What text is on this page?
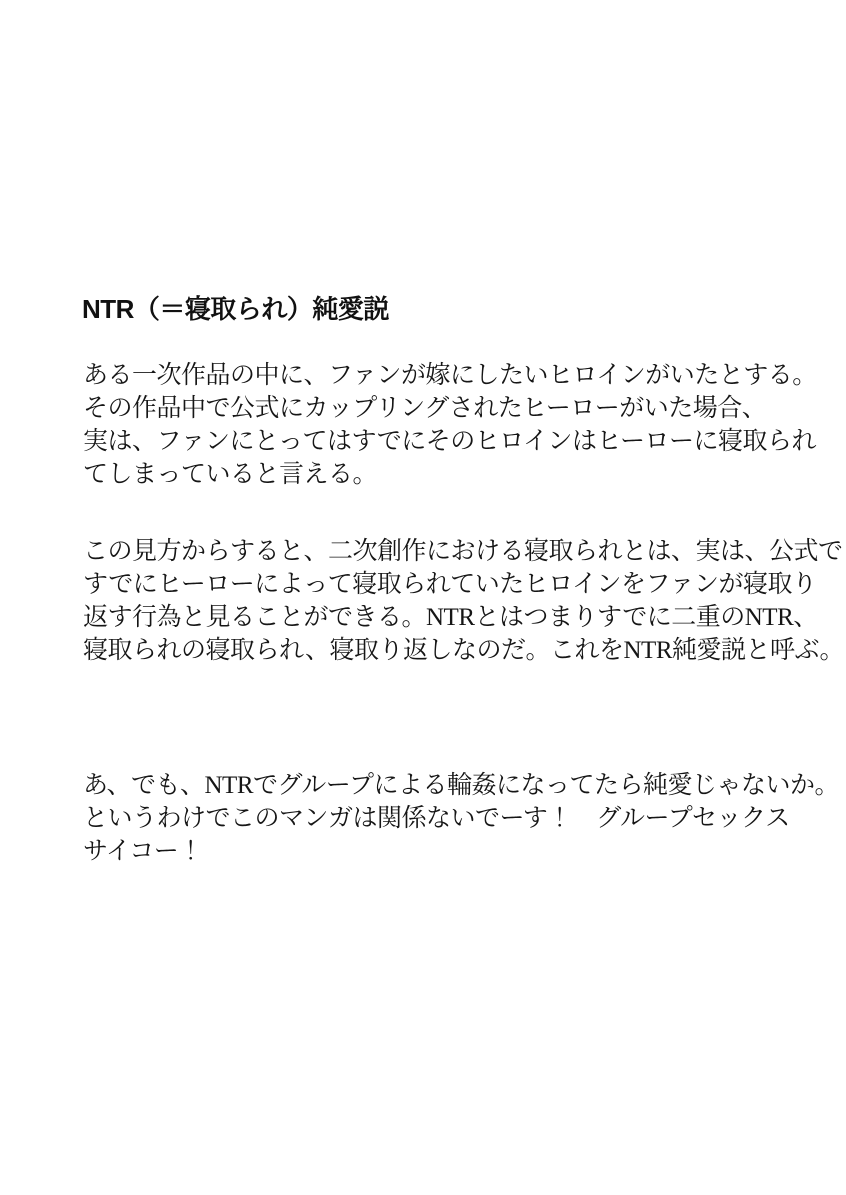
NTR（＝寝取られ）純愛説
ある一次作品の中に、ファンが嫁にしたいヒロインがいたとする。
その作品中で公式にカップリングされたヒーローがいた場合、
実は、ファンにとってはすでにそのヒロインはヒーローに寝取られ
てしまっていると言える。
この見方からすると、二次創作における寝取られとは、実は、公式で
すでにヒーローによって寝取られていたヒロインをファンが寝取り
返す行為と見ることができる。NTRとはつまりすでに二重のNTR、
寝取られの寝取られ、寝取り返しなのだ。これをNTR純愛説と呼ぶ。
あ、でも、NTRでグループによる輪姦になってたら純愛じゃないか。
というわけでこのマンガは関係ないでーす！　グループセックス
サイコー！
